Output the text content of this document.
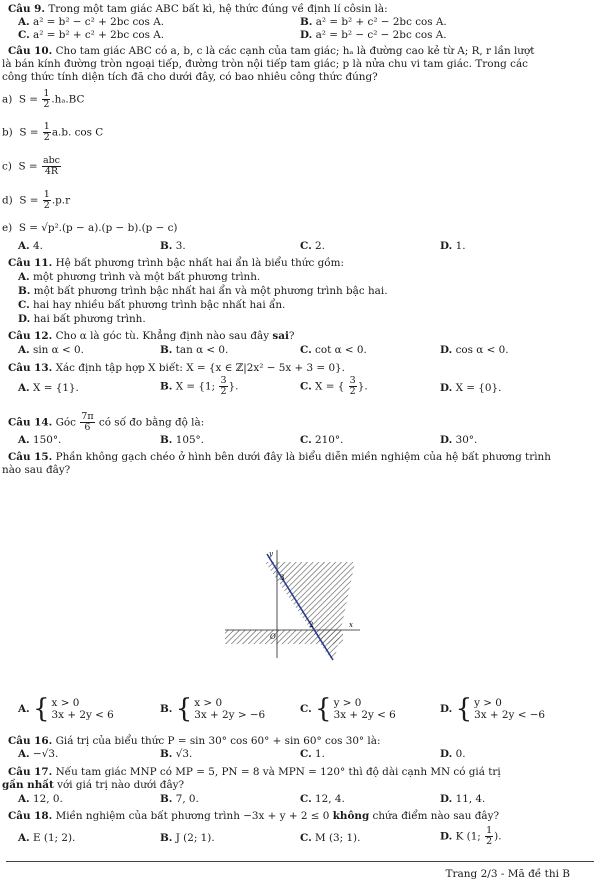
Câu 9. Trong một tam giác ABC bất kì, hệ thức đúng về định lí côsin là:
A. a² = b² − c² + 2bc cos A.	B. a² = b² + c² − 2bc cos A.
C. a² = b² + c² + 2bc cos A.	D. a² = b² − c² − 2bc cos A.
Câu 10. Cho tam giác ABC có a, b, c là các cạnh của tam giác; hₐ là đường cao kẻ từ A; R, r lần lượt
là bán kính đường tròn ngoại tiếp, đường tròn nội tiếp tam giác; p là nửa chu vi tam giác. Trong các
công thức tính diện tích đã cho dưới đây, có bao nhiêu công thức đúng?
a) $S = \frac{1}{2} .h_a.BC$
b) $S = \frac{1}{2} a.b$. cos C
c) $S = \frac{\text{abc}}{4R}$
d) $S = \frac{1}{2} .p.r$
e) S = √p².(p − a).(p − b).(p − c)
A. 4.	B. 3.	C. 2.	D. 1.
Câu 11. Hệ bất phương trình bậc nhất hai ẩn là biểu thức gồm:
A. một phương trình và một bất phương trình.
B. một bất phương trình bậc nhất hai ẩn và một phương trình bậc hai.
C. hai hay nhiều bất phương trình bậc nhất hai ẩn.
D. hai bất phương trình.
Câu 12. Cho α là góc tù. Khẳng định nào sau đây sai?
A. sin α < 0.	B. tan α < 0.	C. cot α < 0.	D. cos α < 0.
Câu 13. Xác định tập hợp X biết: X = {x ∈ ℤ|2x² − 5x + 3 = 0}.
A. X = {1}.	B. X = {1; $\frac{3}{2}$ }.	C. X = { $\frac{3}{2}$ }.	D. X = {0}.
Câu 14. Góc $\frac{7\pi}{6}$ có số đo bằng độ là:
A. 150°.	B. 105°.	C. 210°.	D. 30°.
Câu 15. Phần không gạch chéo ở hình bên dưới đây là biểu diễn miền nghiệm của hệ bất phương trình
nào sau đây?
y
x
3
2
O
A.
{ x > 0
3x + 2y < 6
B.
{ x > 0
3x + 2y > −6
C.
{ y > 0
3x + 2y < 6
D.
{ y > 0
3x + 2y < −6
Câu 16. Giá trị của biểu thức P = sin 30° cos 60° + sin 60° cos 30° là:
A. −√3.	B. √3.	C. 1.	D. 0.
Câu 17. Nếu tam giác MNP có MP = 5, PN = 8 và MPN = 120° thì độ dài cạnh MN có giá trị
gần nhất với giá trị nào dưới đây?
A. 12, 0.	B. 7, 0.	C. 12, 4.	D. 11, 4.
Câu 18. Miền nghiệm của bất phương trình −3x + y + 2 ≤ 0 không chứa điểm nào sau đây?
A. E (1; 2).	B. J (2; 1).	C. M (3; 1).	D. K (1; $\frac{1}{2}$ ).
Trang 2/3 - Mã đề thi B
